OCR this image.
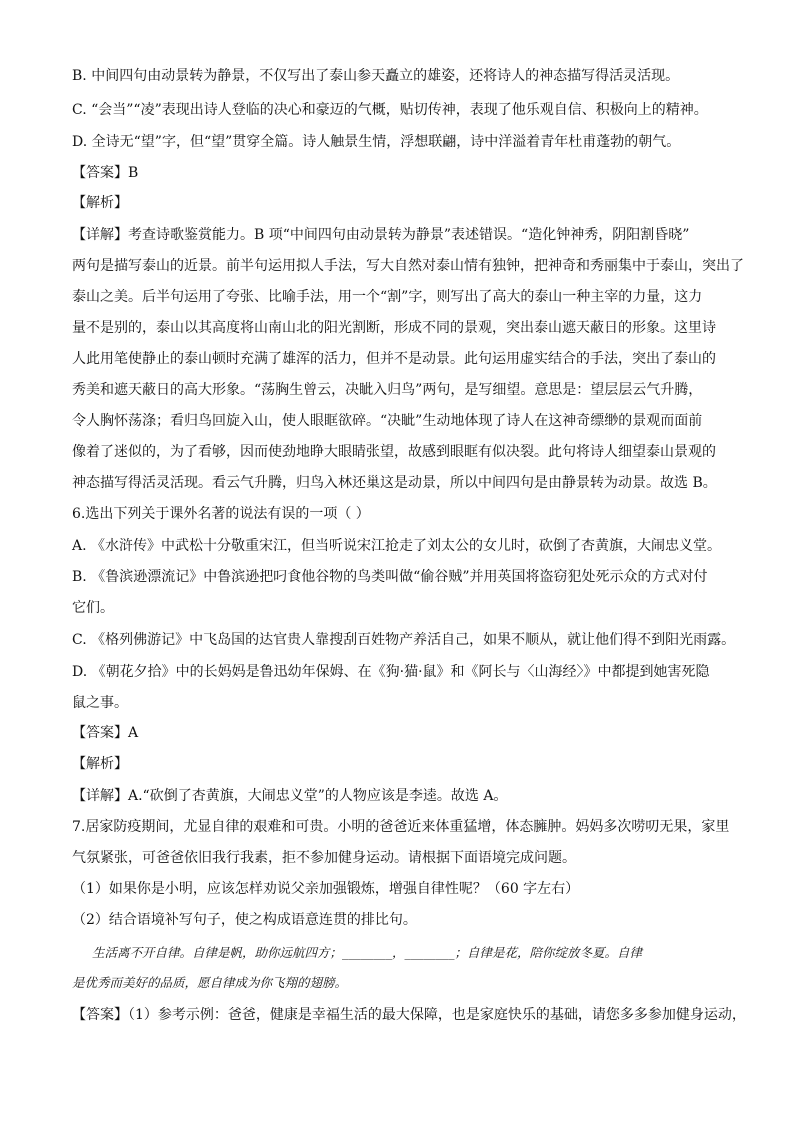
B. 中间四句由动景转为静景，不仅写出了泰山参天矗立的雄姿，还将诗人的神态描写得活灵活现。
C. “会当”“凌”表现出诗人登临的决心和豪迈的气概，贴切传神，表现了他乐观自信、积极向上的精神。
D. 全诗无“望”字，但“望”贯穿全篇。诗人触景生情，浮想联翩，诗中洋溢着青年杜甫蓬勃的朝气。
【答案】B
【解析】
【详解】考查诗歌鉴赏能力。B 项“中间四句由动景转为静景”表述错误。“造化钟神秀，阴阳割昏晓”
两句是描写泰山的近景。前半句运用拟人手法，写大自然对泰山情有独钟，把神奇和秀丽集中于泰山，突出了
泰山之美。后半句运用了夸张、比喻手法，用一个“割”字，则写出了高大的泰山一种主宰的力量，这力
量不是别的，泰山以其高度将山南山北的阳光割断，形成不同的景观，突出泰山遮天蔽日的形象。这里诗
人此用笔使静止的泰山顿时充满了雄浑的活力，但并不是动景。此句运用虚实结合的手法，突出了泰山的
秀美和遮天蔽日的高大形象。“荡胸生曾云，决眦入归鸟”两句，是写细望。意思是：望层层云气升腾，
令人胸怀荡涤；看归鸟回旋入山，使人眼眶欲碎。“决眦”生动地体现了诗人在这神奇缥缈的景观而面前
像着了迷似的，为了看够，因而使劲地睁大眼睛张望，故感到眼眶有似决裂。此句将诗人细望泰山景观的
神态描写得活灵活现。看云气升腾，归鸟入林还巢这是动景，所以中间四句是由静景转为动景。故选 B。
6.选出下列关于课外名著的说法有误的一项（ ）
A. 《水浒传》中武松十分敬重宋江，但当听说宋江抢走了刘太公的女儿时，砍倒了杏黄旗，大闹忠义堂。
B. 《鲁滨逊漂流记》中鲁滨逊把叼食他谷物的鸟类叫做“偷谷贼”并用英国将盗窃犯处死示众的方式对付
它们。
C. 《格列佛游记》中飞岛国的达官贵人靠搜刮百姓物产养活自己，如果不顺从，就让他们得不到阳光雨露。
D. 《朝花夕拾》中的长妈妈是鲁迅幼年保姆、在《狗·猫·鼠》和《阿长与〈山海经〉》中都提到她害死隐
鼠之事。
【答案】A
【解析】
【详解】A.“砍倒了杏黄旗，大闹忠义堂”的人物应该是李逵。故选 A。
7.居家防疫期间，尤显自律的艰难和可贵。小明的爸爸近来体重猛增，体态臃肿。妈妈多次唠叨无果，家里
气氛紧张，可爸爸依旧我行我素，拒不参加健身运动。请根据下面语境完成问题。
（1）如果你是小明，应该怎样劝说父亲加强锻炼，增强自律性呢？（60 字左右）
（2）结合语境补写句子，使之构成语意连贯的排比句。
生活离不开自律。自律是帆，助你远航四方；________，________；自律是花，陪你绽放冬夏。自律
是优秀而美好的品质，愿自律成为你飞翔的翅膀。
【答案】（1）参考示例：爸爸，健康是幸福生活的最大保障，也是家庭快乐的基础，请您多多参加健身运动，
